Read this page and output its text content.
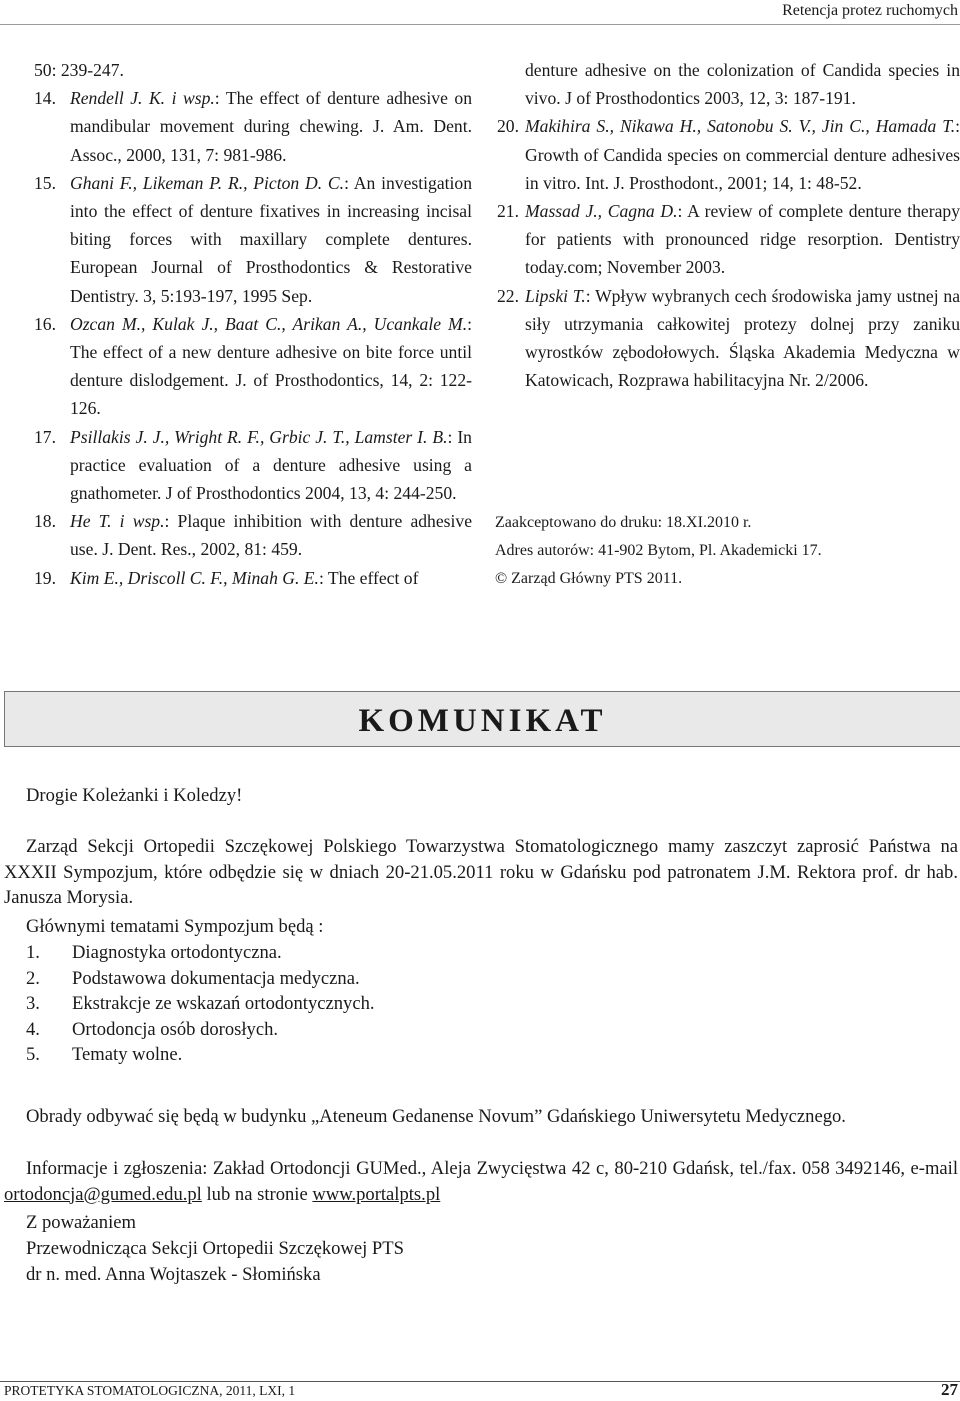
Retencja protez ruchomych
50: 239-247.
14. Rendell J. K. i wsp.: The effect of denture adhesive on mandibular movement during chewing. J. Am. Dent. Assoc., 2000, 131, 7: 981-986.
15. Ghani F., Likeman P. R., Picton D. C.: An investigation into the effect of denture fixatives in increasing incisal biting forces with maxillary complete dentures. European Journal of Prosthodontics & Restorative Dentistry. 3, 5:193-197, 1995 Sep.
16. Ozcan M., Kulak J., Baat C., Arikan A., Ucankale M.: The effect of a new denture adhesive on bite force until denture dislodgement. J. of Prosthodontics, 14, 2: 122-126.
17. Psillakis J. J., Wright R. F., Grbic J. T., Lamster I. B.: In practice evaluation of a denture adhesive using a gnathometer. J of Prosthodontics 2004, 13, 4: 244-250.
18. He T. i wsp.: Plaque inhibition with denture adhesive use. J. Dent. Res., 2002, 81: 459.
19. Kim E., Driscoll C. F., Minah G. E.: The effect of
denture adhesive on the colonization of Candida species in vivo. J of Prosthodontics 2003, 12, 3: 187-191.
20. Makihira S., Nikawa H., Satonobu S. V., Jin C., Hamada T.: Growth of Candida species on commercial denture adhesives in vitro. Int. J. Prosthodont., 2001; 14, 1: 48-52.
21. Massad J., Cagna D.: A review of complete denture therapy for patients with pronounced ridge resorption. Dentistry today.com; November 2003.
22. Lipski T.: Wpływ wybranych cech środowiska jamy ustnej na siły utrzymania całkowitej protezy dolnej przy zaniku wyrostków zębodołowych. Śląska Akademia Medyczna w Katowicach, Rozprawa habilitacyjna Nr. 2/2006.
Zaakceptowano do druku: 18.XI.2010 r.
Adres autorów: 41-902 Bytom, Pl. Akademicki 17.
© Zarząd Główny PTS 2011.
KOMUNIKAT
Drogie Koleżanki i Koledzy!
Zarząd Sekcji Ortopedii Szczękowej Polskiego Towarzystwa Stomatologicznego mamy zaszczyt zaprosić Państwa na XXXII Sympozjum, które odbędzie się w dniach 20-21.05.2011 roku w Gdańsku pod patronatem J.M. Rektora prof. dr hab. Janusza Morysia.
Głównymi tematami Sympozjum będą :
1. Diagnostyka ortodontyczna.
2. Podstawowa dokumentacja medyczna.
3. Ekstrakcje ze wskazań ortodontycznych.
4. Ortodoncja osób dorosłych.
5. Tematy wolne.
Obrady odbywać się będą w budynku „Ateneum Gedanense Novum” Gdańskiego Uniwersytetu Medycznego.
Informacje i zgłoszenia: Zakład Ortodoncji GUMed., Aleja Zwycięstwa 42 c, 80-210 Gdańsk, tel./fax. 058 3492146, e-mail ortodoncja@gumed.edu.pl lub na stronie www.portalpts.pl
Z poważaniem
Przewodnicząca Sekcji Ortopedii Szczękowej PTS
dr n. med. Anna Wojtaszek - Słomińska
PROTETYKA STOMATOLOGICZNA, 2011, LXI, 1	27
